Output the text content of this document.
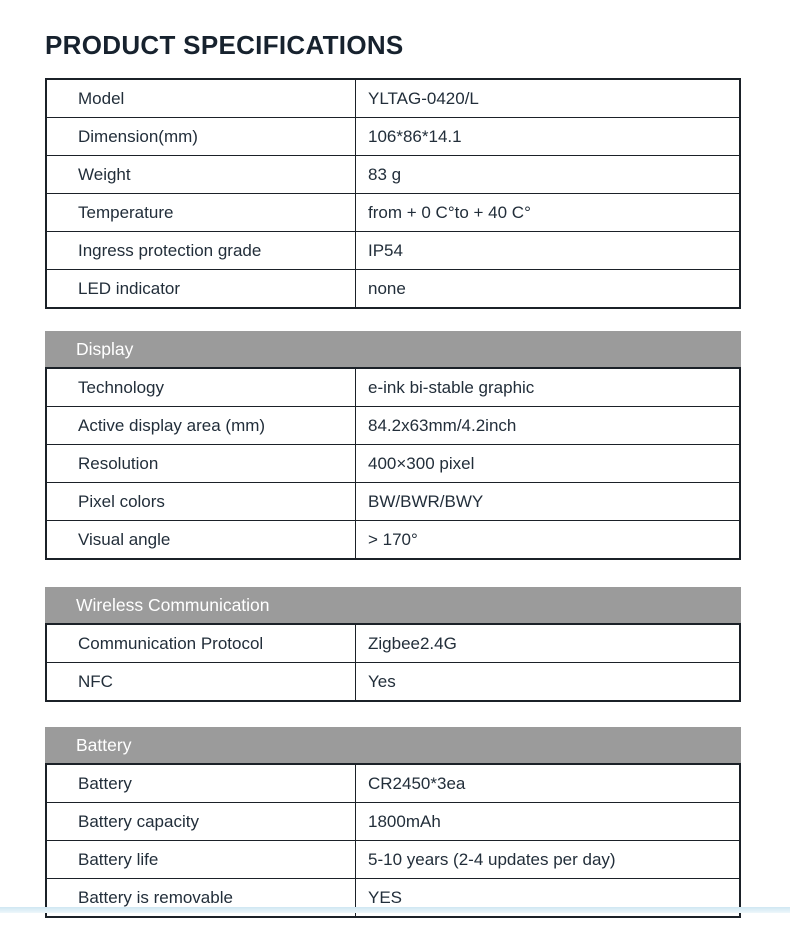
PRODUCT SPECIFICATIONS
Model	YLTAG-0420/L
Dimension(mm)	106*86*14.1
Weight	83 g
Temperature	from + 0 C°to + 40 C°
Ingress protection grade	IP54
LED indicator	none
Display
Technology	e-ink bi-stable graphic
Active display area (mm)	84.2x63mm/4.2inch
Resolution	400×300 pixel
Pixel colors	BW/BWR/BWY
Visual angle	> 170°
Wireless Communication
Communication Protocol	Zigbee2.4G
NFC	Yes
Battery
Battery	CR2450*3ea
Battery capacity	1800mAh
Battery life	5-10 years (2-4 updates per day)
Battery is removable	YES
